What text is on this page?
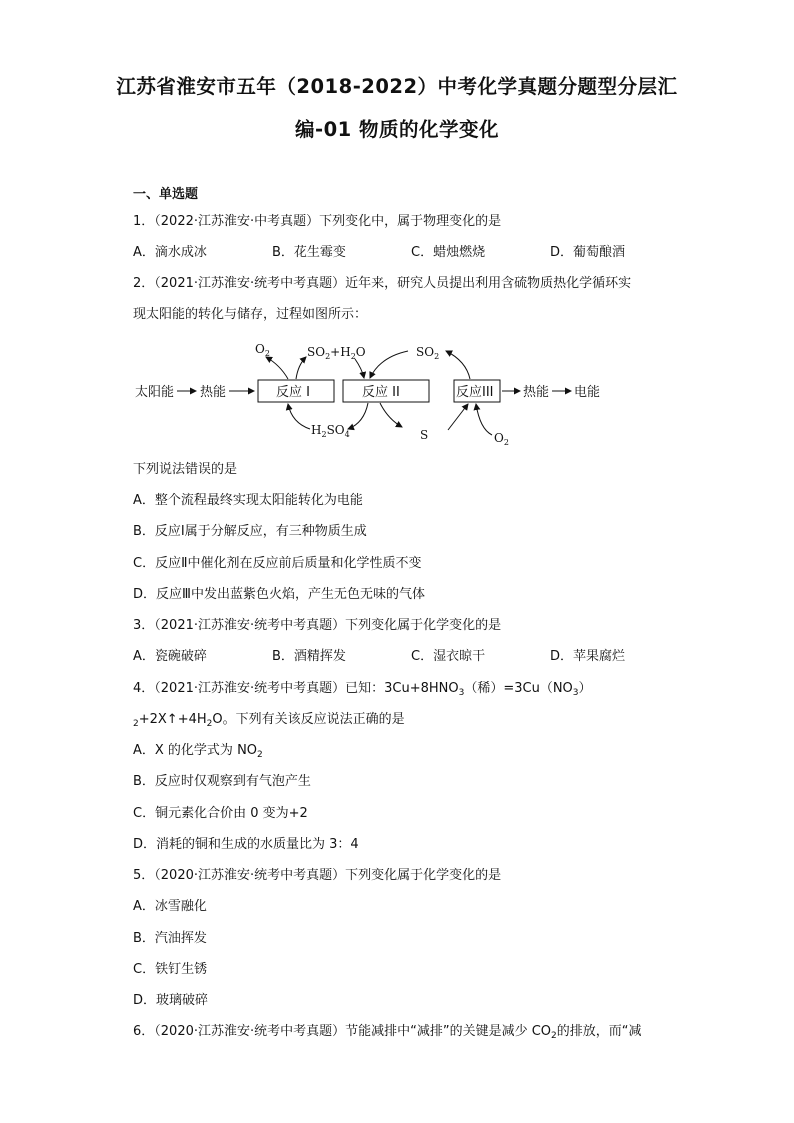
江苏省淮安市五年（2018-2022）中考化学真题分题型分层汇
编-01 物质的化学变化
一、单选题
1．（2022·江苏淮安·中考真题）下列变化中，属于物理变化的是
A．滴水成冰	B．花生霉变	C．蜡烛燃烧	D．葡萄酿酒
2．（2021·江苏淮安·统考中考真题）近年来，研究人员提出利用含硫物质热化学循环实
现太阳能的转化与储存，过程如图所示：
太阳能 热能	反应 I	反应 II	反应III 热能 电能
$O_2$	$SO_2+H_2O$	$SO_2$
$H_2SO_4$	S	$O_2$
下列说法错误的是
A．整个流程最终实现太阳能转化为电能
B．反应Ⅰ属于分解反应，有三种物质生成
C．反应Ⅱ中催化剂在反应前后质量和化学性质不变
D．反应Ⅲ中发出蓝紫色火焰，产生无色无味的气体
3．（2021·江苏淮安·统考中考真题）下列变化属于化学变化的是
A．瓷碗破碎	B．酒精挥发	C．湿衣晾干	D．苹果腐烂
4．（2021·江苏淮安·统考中考真题）已知：$3Cu+8HNO_3$（稀）$=3Cu(NO_3)$
$_2+2X↑+4H_2O$。下列有关该反应说法正确的是
A．X 的化学式为 $NO_2$
B．反应时仅观察到有气泡产生
C．铜元素化合价由 0 变为+2
D．消耗的铜和生成的水质量比为 3：4
5．（2020·江苏淮安·统考中考真题）下列变化属于化学变化的是
A．冰雪融化
B．汽油挥发
C．铁钉生锈
D．玻璃破碎
6．（2020·江苏淮安·统考中考真题）节能减排中“减排”的关键是减少 $CO_2$的排放，而“减
